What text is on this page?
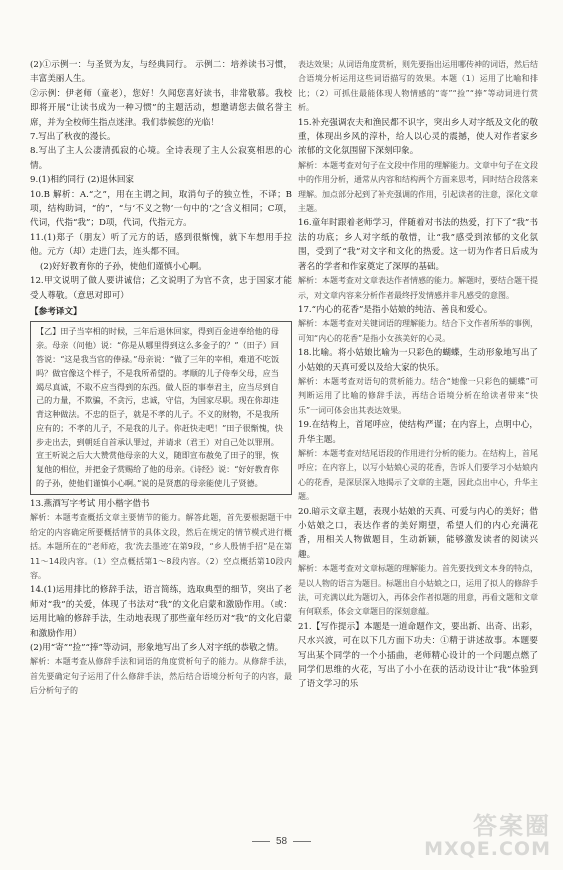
(2)①示例一：与圣贤为友，与经典同行。 示例二：培养读书习惯，丰富美丽人生。
②示例：伊老师（童老），您好！久闻您喜好读书，非常敬慕。我校即将开展“让读书成为一种习惯”的主题活动，想邀请您去做名誉主席，并为全校师生指点迷津。我们恭候您的光临！
7.写出了秋夜的漫长。
8.写出了主人公凄清孤寂的心境。全诗表现了主人公寂寞相思的心情。
9.(1)相约同行 (2)退休回家
10.B 解析：A.“之”，用在主谓之间，取消句子的独立性，不译；B项，结构助词，“的”，“与‘不义之物’一句中的‘之’含义相同；C项，代词，代指“我”；D项，代词，代指元方。
11.(1)郑子（朋友）听了元方的话，感到很惭愧，就下车想用手拉他。元方（却）走进门去，连头都不回。
(2)好好教育你的子孙，使他们谨慎小心啊。
12.甲文说明了做人要讲诚信；乙文说明了为官不贪，忠于国家才能受人尊敬。（意思对即可）
【参考译文】
【乙】田子当宰相的时候，三年后退休回家，得到百金进奉给他的母亲。母亲（问他）说：“你是从哪里得到这么多金子的？”（田子）回答说：“这是我当官的俸禄。”母亲说：“做了三年的宰相，难道不吃饭吗？做官像这个样子，不是我所希望的。孝顺的儿子侍奉父母，应当竭尽真诚，不取不应当得到的东西。做人臣的事奉君主，应当尽到自己的力量，不欺骗，不贪污，忠诚，守信，为国家尽职。现在你却违背这种做法。不忠的臣子，就是不孝的儿子。不义的财物，不是我所应有的；不孝的儿子，不是我的儿子。你赶快走吧！”田子很惭愧，快步走出去，到朝廷自首承认罪过，并请求（君王）对自己处以罪刑。宣王听说之后大大赞赏他母亲的大义，随即宣布赦免了田子的罪，恢复他的相位，并把金子赏赐给了他的母亲。《诗经》说：“好好教育你的子孙，使他们谨慎小心啊。”说的是贤惠的母亲能使儿子贤德。
13.燕酒写字考试 用小楷字借书
解析：本题考查概括文章主要情节的能力。解答此题，首先要根据题干中给定的内容确定所要概括情节的具体文段，然后在规定的情节模式进行概括。本题所在的“老师疮，我‘洗去墨迹’在第9段，“乡人殷情手招”是在第11～14段内容。（1）空点概括第1～8段内容。（2）空点概括第10段内容。
14.(1)运用排比的修辞手法，语言简练，选取典型的细节，突出了老师对“我”的关爱，体现了书法对“我”的文化启蒙和激励作用。（或：运用比喻的修辞手法，生动地表现了那些童年经历对“我”的文化启蒙和激励作用）
(2)用“寄”“捡”“捧”等动词，形象地写出了乡人对字纸的恭敬之情。
解析：本题考查从修辞手法和词语的角度赏析句子的能力。从修辞手法，首先要确定句子运用了什么修辞手法，然后结合语境分析句子的内容，最后分析句子的
表达效果；从词语角度赏析，则先要指出运用哪传神的词语，然后结合语境分析运用这些词语描写的效果。本题（1）运用了比喻和排比；（2）可抓住最能体现人物情感的“寄”“捡”“捧”等动词进行赏析。
15.补充强调农夫和渔民都不识字，突出乡人对字纸及文化的敬重，体现出乡风的淳朴，给人以心灵的震撼，使人对作者家乡浓郁的文化氛围留下深刻印象。
解析：本题考查对句子在文段中作用的理解能力。文章中句子在文段中的作用分析，通常从内容和结构两个方面来思考，同时结合段落来理解。加点部分起到了补充强调的作用，引起读者的注意，深化文章主题。
16.童年时跟着老师学习，伴随着对书法的热爱，打下了“我”书法的功底；乡人对字纸的敬惜，让“我”感受到浓郁的文化氛围，受到了“我”对文字和文化的热爱。这一切为作者日后成为著名的学者和作家奠定了深厚的基础。
解析：本题考查对文章表达作者情感的能力。解题时，要结合题干提示，对文章内容来分析作者最终抒发情感并非凡感受的意图。
17.“内心的花香”是指小姑娘的纯洁、善良和爱心。
解析：本题考查对关键词语的理解能力。结合下文作者所举的事例，可知“内心的花香”是指小女孩美好的心灵。
18.比喻。将小姑娘比喻为一只彩色的蝴蝶，生动形象地写出了小姑娘的天真可爱以及给大家的快乐。
解析：本题考查对语句的赏析能力。结合“她像一只彩色的蝴蝶”可判断运用了比喻的修辞手法，再结合语境分析在给读者带来“快乐”一词可体会出其表达效果。
19.在结构上，首尾呼应，使结构严谨；在内容上，点明中心，升华主题。
解析：本题考查对结尾语段的作用进行分析的能力。在结构上，首尾呼应；在内容上，以写小姑娘心灵的花香，告诉人们要学习小姑娘内心的花香，是深层深入地揭示了文章的主题，因此点出中心，升华主题。
20.暗示文章主题，表现小姑娘的天真、可爱与内心的美好；借小姑娘之口，表达作者的美好期望，希望人们的内心充满花香，用相关人物做题目，生动新颖，能够激发读者的阅读兴趣。
解析：本题考查对文章标题的理解能力。首先要找到文本身的特点，是以人物的语言为题目。标题出自小姑娘之口，运用了拟人的修辞手法，可充满以此为题切入，再体会作者拟题的用意，再看文题和文章有何联系，体会文章题目的深刻意蕴。
21.【写作提示】本题是一道命题作文，要出新、出奇、出彩，尺水兴波，可在以下几方面下功夫：①精于讲述故事。本题要写出某个同学的一个小插曲，老师精心设计的一个问题点燃了同学们思维的火花，写出了小小在获的活动设计让“我”体验到了语文学习的乐
58
答案圈
MXQE.COM
